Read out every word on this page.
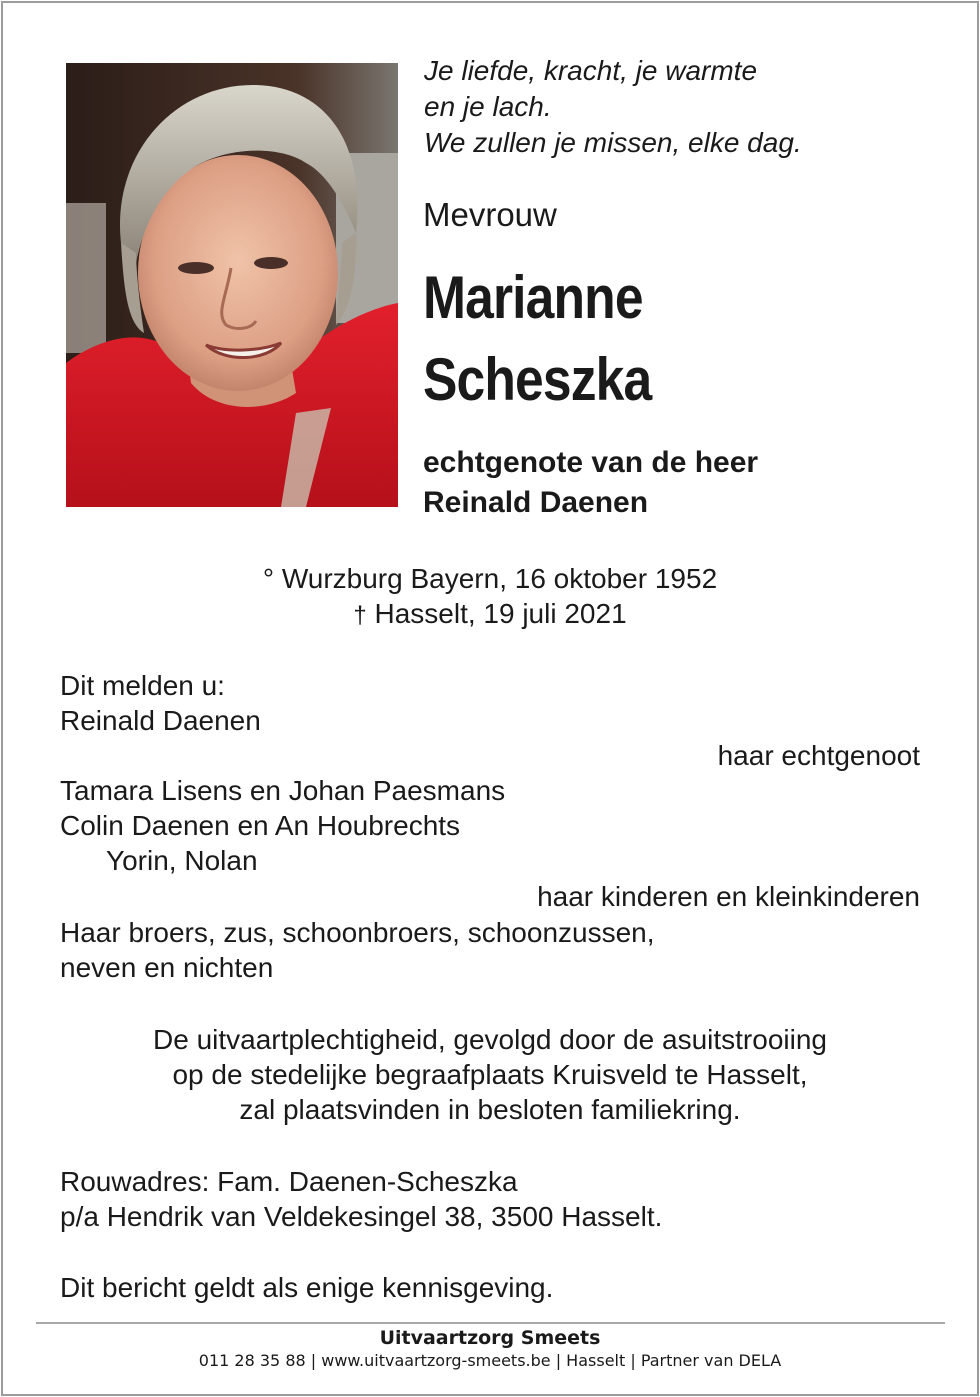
Je liefde, kracht, je warmte
en je lach.
We zullen je missen, elke dag.
Mevrouw
Marianne
Scheszka
echtgenote van de heer
Reinald Daenen
° Wurzburg Bayern, 16 oktober 1952
† Hasselt, 19 juli 2021
Dit melden u:
Reinald Daenen
haar echtgenoot
Tamara Lisens en Johan Paesmans
Colin Daenen en An Houbrechts
Yorin, Nolan
haar kinderen en kleinkinderen
Haar broers, zus, schoonbroers, schoonzussen,
neven en nichten
De uitvaartplechtigheid, gevolgd door de asuitstrooiing
op de stedelijke begraafplaats Kruisveld te Hasselt,
zal plaatsvinden in besloten familiekring.
Rouwadres: Fam. Daenen-Scheszka
p/a Hendrik van Veldekesingel 38, 3500 Hasselt.
Dit bericht geldt als enige kennisgeving.
Uitvaartzorg Smeets
011 28 35 88 | www.uitvaartzorg-smeets.be | Hasselt | Partner van DELA
